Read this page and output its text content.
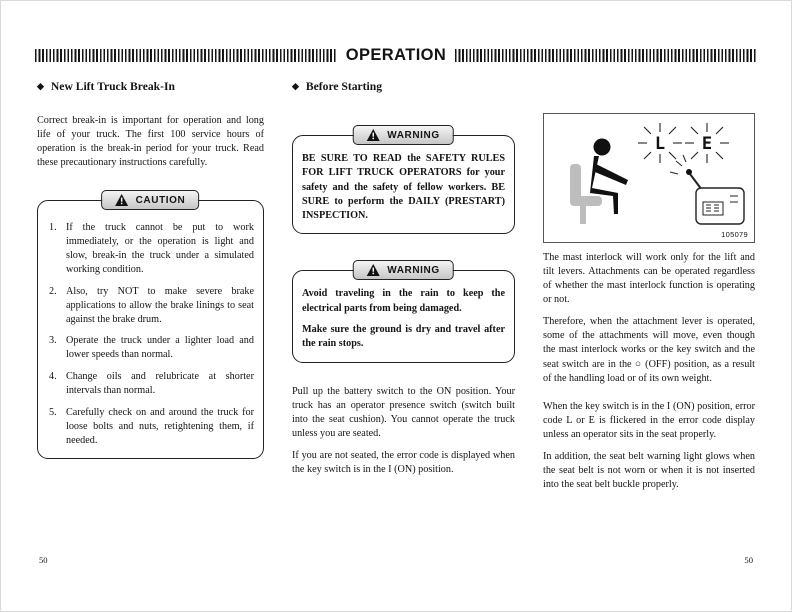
OPERATION
◆ New Lift Truck Break-In

Correct break-in is important for operation and long life of your truck. The first 100 service hours of operation is the break-in period for your truck. Read these precautionary instructions carefully.

CAUTION
If the truck cannot be put to work immediately, or the operation is light and slow, break-in the truck under a simulated working condition.
Also, try NOT to make severe brake applications to allow the brake linings to seat against the brake drum.
Operate the truck under a lighter load and lower speeds than normal.
Change oils and relubricate at shorter intervals than normal.
Carefully check on and around the truck for loose bolts and nuts, retightening them, if needed.
◆ Before Starting
WARNING

BE SURE TO READ the SAFETY RULES FOR LIFT TRUCK OPERATORS for your safety and the safety of fellow workers. BE SURE to perform the DAILY (PRESTART) INSPECTION.

WARNING

Avoid traveling in the rain to keep the electrical parts from being damaged.

Make sure the ground is dry and travel after the rain stops.

Pull up the battery switch to the ON position. Your truck has an operator presence switch (switch built into the seat cushion). You cannot operate the truck unless you are seated.

If you are not seated, the error code is displayed when the key switch is in the I (ON) position.

L E
105079

The mast interlock will work only for the lift and tilt levers. Attachments can be operated regardless of whether the mast interlock function is operating or not.

Therefore, when the attachment lever is operated, some of the attachments will move, even though the mast interlock works or the key switch and the seat switch are in the ○ (OFF) position, as a result of the handling load or of its own weight.

When the key switch is in the I (ON) position, error code L or E is flickered in the error code display unless an operator sits in the seat properly.

In addition, the seat belt warning light glows when the seat belt is not worn or when it is not inserted into the seat belt buckle properly.

50	50
